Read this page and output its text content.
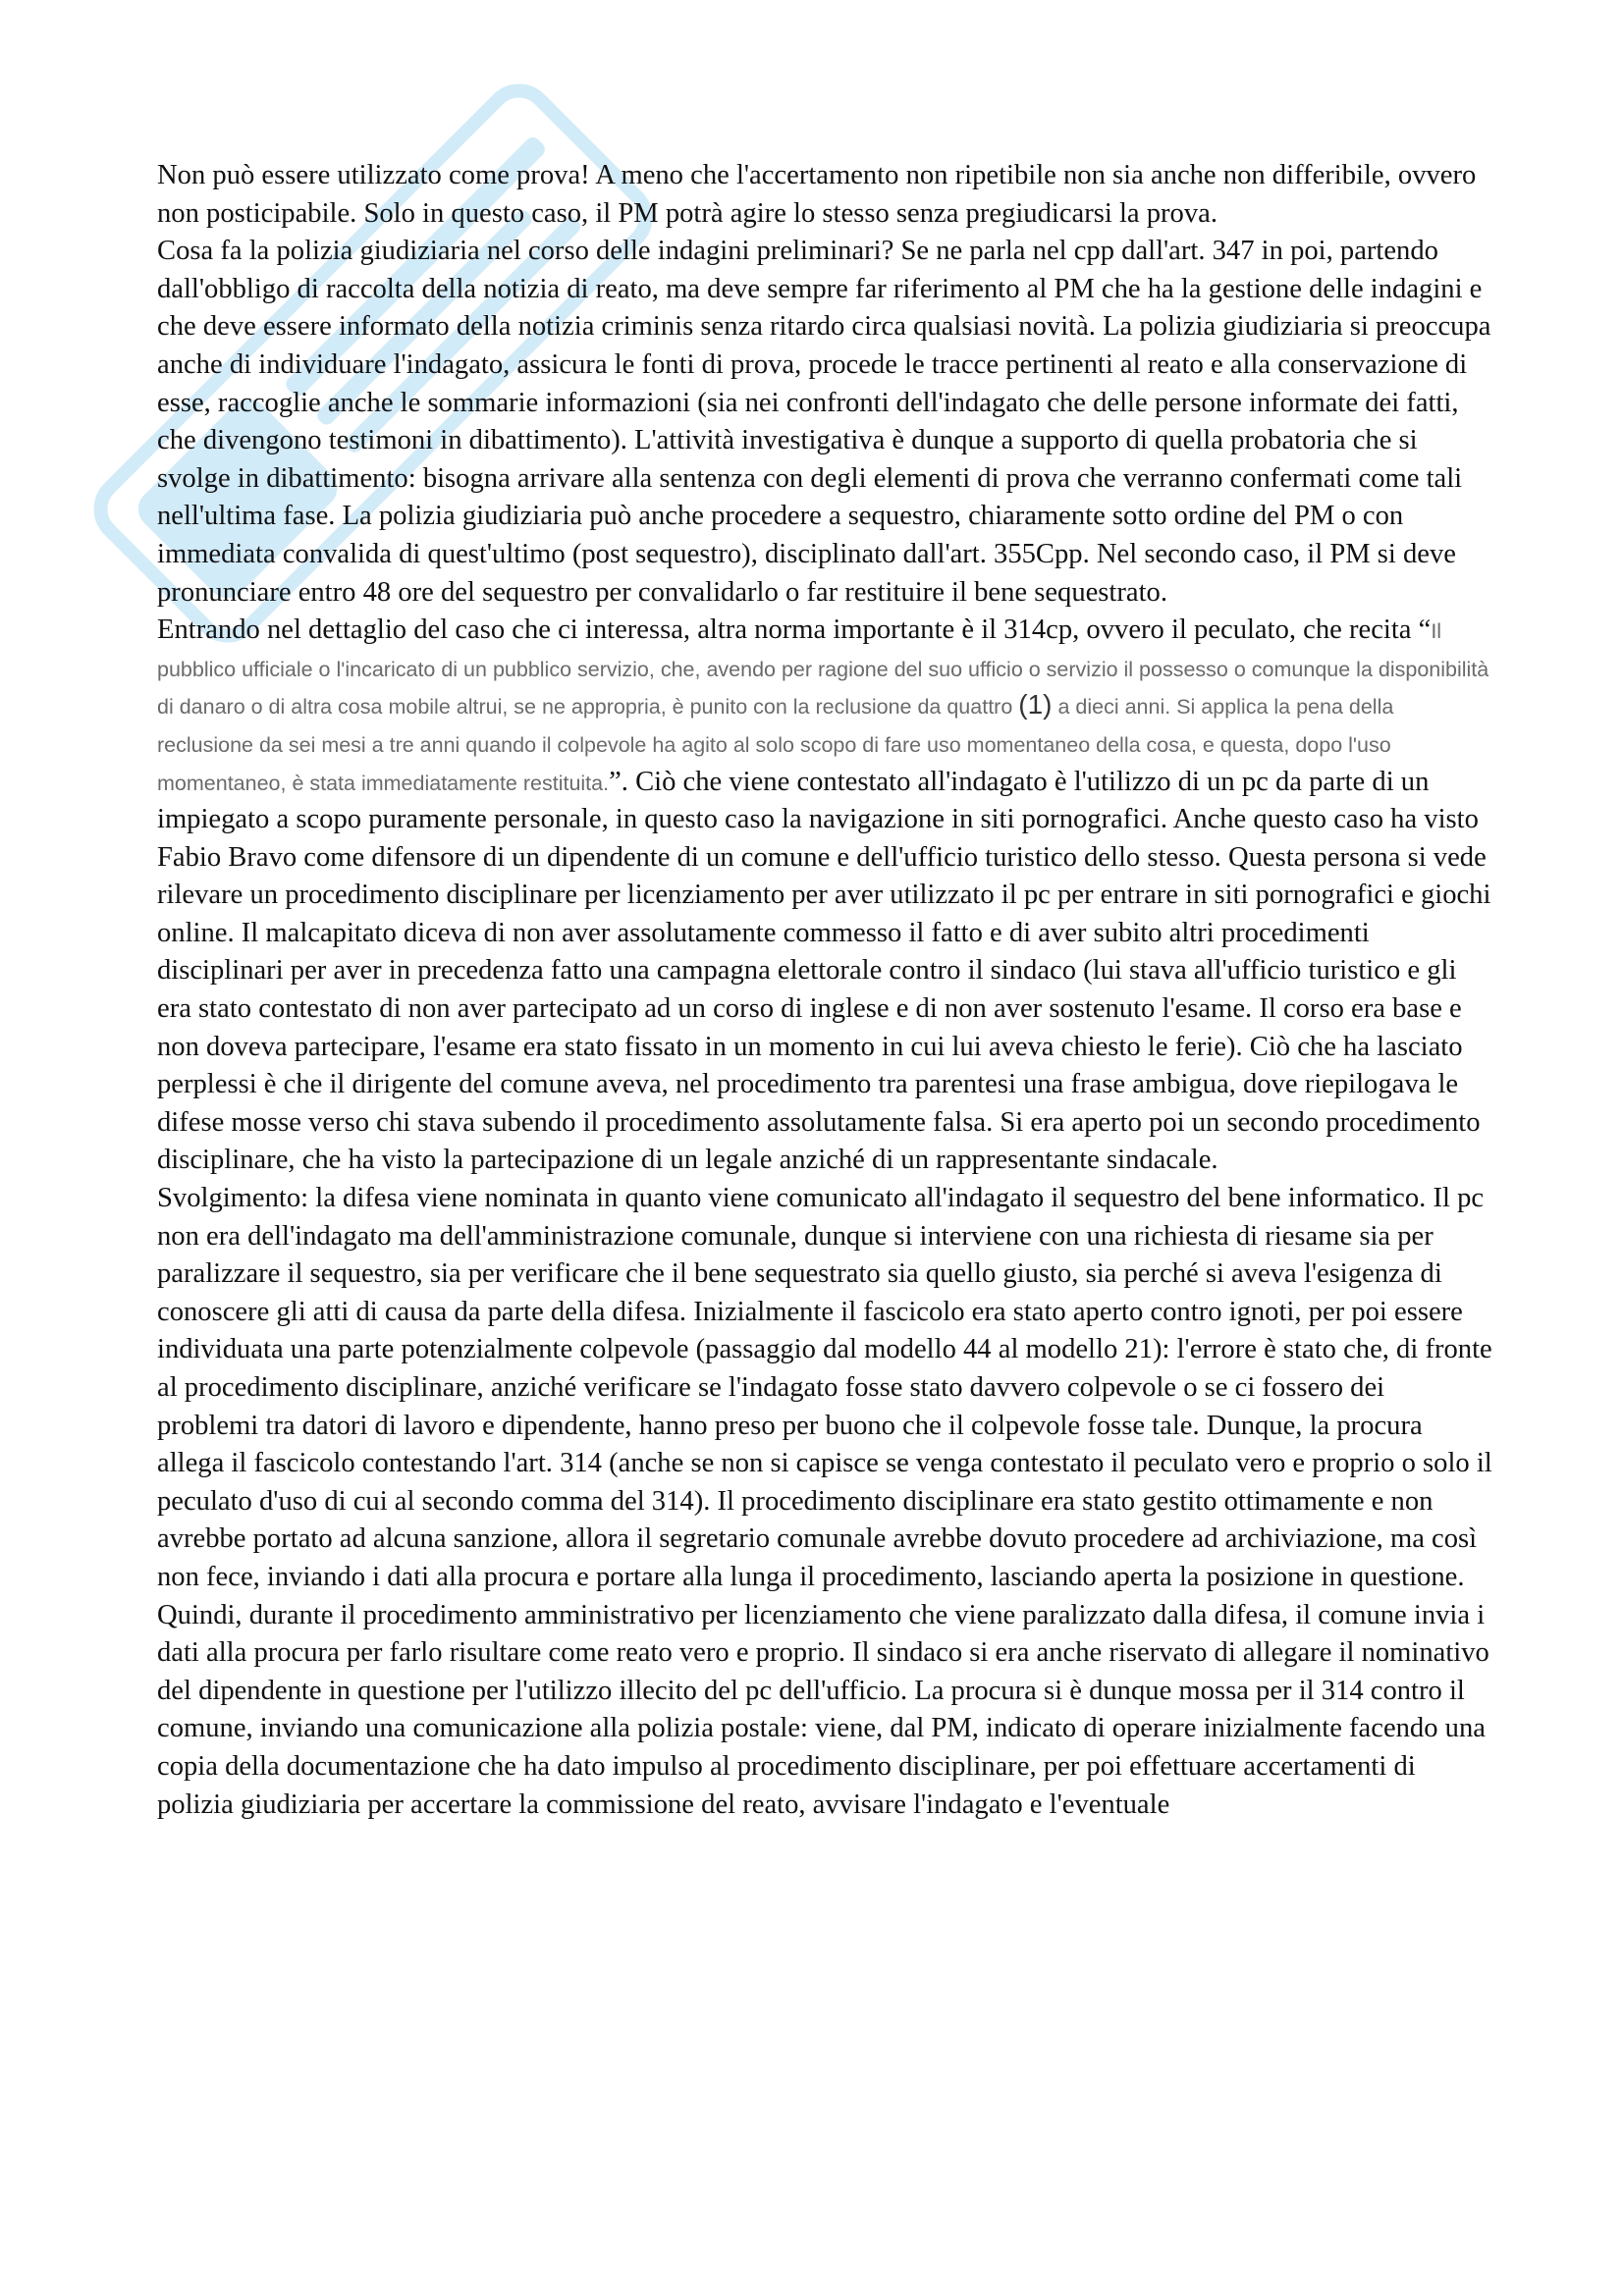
Non può essere utilizzato come prova! A meno che l'accertamento non ripetibile non sia anche non differibile, ovvero non posticipabile. Solo in questo caso, il PM potrà agire lo stesso senza pregiudicarsi la prova.

Cosa fa la polizia giudiziaria nel corso delle indagini preliminari? Se ne parla nel cpp dall'art. 347 in poi, partendo dall'obbligo di raccolta della notizia di reato, ma deve sempre far riferimento al PM che ha la gestione delle indagini e che deve essere informato della notizia criminis senza ritardo circa qualsiasi novità. La polizia giudiziaria si preoccupa anche di individuare l'indagato, assicura le fonti di prova, procede le tracce pertinenti al reato e alla conservazione di esse, raccoglie anche le sommarie informazioni (sia nei confronti dell'indagato che delle persone informate dei fatti, che divengono testimoni in dibattimento). L'attività investigativa è dunque a supporto di quella probatoria che si svolge in dibattimento: bisogna arrivare alla sentenza con degli elementi di prova che verranno confermati come tali nell'ultima fase. La polizia giudiziaria può anche procedere a sequestro, chiaramente sotto ordine del PM o con immediata convalida di quest'ultimo (post sequestro), disciplinato dall'art. 355Cpp. Nel secondo caso, il PM si deve pronunciare entro 48 ore del sequestro per convalidarlo o far restituire il bene sequestrato.

Entrando nel dettaglio del caso che ci interessa, altra norma importante è il 314cp, ovvero il peculato, che recita “Il pubblico ufficiale o l'incaricato di un pubblico servizio, che, avendo per ragione del suo ufficio o servizio il possesso o comunque la disponibilità di danaro o di altra cosa mobile altrui, se ne appropria, è punito con la reclusione da quattro (1) a dieci anni. Si applica la pena della reclusione da sei mesi a tre anni quando il colpevole ha agito al solo scopo di fare uso momentaneo della cosa, e questa, dopo l'uso momentaneo, è stata immediatamente restituita.”. Ciò che viene contestato all'indagato è l'utilizzo di un pc da parte di un impiegato a scopo puramente personale, in questo caso la navigazione in siti pornografici. Anche questo caso ha visto Fabio Bravo come difensore di un dipendente di un comune e dell'ufficio turistico dello stesso. Questa persona si vede rilevare un procedimento disciplinare per licenziamento per aver utilizzato il pc per entrare in siti pornografici e giochi online. Il malcapitato diceva di non aver assolutamente commesso il fatto e di aver subito altri procedimenti disciplinari per aver in precedenza fatto una campagna elettorale contro il sindaco (lui stava all'ufficio turistico e gli era stato contestato di non aver partecipato ad un corso di inglese e di non aver sostenuto l'esame. Il corso era base e non doveva partecipare, l'esame era stato fissato in un momento in cui lui aveva chiesto le ferie). Ciò che ha lasciato perplessi è che il dirigente del comune aveva, nel procedimento tra parentesi una frase ambigua, dove riepilogava le difese mosse verso chi stava subendo il procedimento assolutamente falsa. Si era aperto poi un secondo procedimento disciplinare, che ha visto la partecipazione di un legale anziché di un rappresentante sindacale.

Svolgimento: la difesa viene nominata in quanto viene comunicato all'indagato il sequestro del bene informatico. Il pc non era dell'indagato ma dell'amministrazione comunale, dunque si interviene con una richiesta di riesame sia per paralizzare il sequestro, sia per verificare che il bene sequestrato sia quello giusto, sia perché si aveva l'esigenza di conoscere gli atti di causa da parte della difesa. Inizialmente il fascicolo era stato aperto contro ignoti, per poi essere individuata una parte potenzialmente colpevole (passaggio dal modello 44 al modello 21): l'errore è stato che, di fronte al procedimento disciplinare, anziché verificare se l'indagato fosse stato davvero colpevole o se ci fossero dei problemi tra datori di lavoro e dipendente, hanno preso per buono che il colpevole fosse tale. Dunque, la procura allega il fascicolo contestando l'art. 314 (anche se non si capisce se venga contestato il peculato vero e proprio o solo il peculato d'uso di cui al secondo comma del 314). Il procedimento disciplinare era stato gestito ottimamente e non avrebbe portato ad alcuna sanzione, allora il segretario comunale avrebbe dovuto procedere ad archiviazione, ma così non fece, inviando i dati alla procura e portare alla lunga il procedimento, lasciando aperta la posizione in questione. Quindi, durante il procedimento amministrativo per licenziamento che viene paralizzato dalla difesa, il comune invia i dati alla procura per farlo risultare come reato vero e proprio. Il sindaco si era anche riservato di allegare il nominativo del dipendente in questione per l'utilizzo illecito del pc dell'ufficio. La procura si è dunque mossa per il 314 contro il comune, inviando una comunicazione alla polizia postale: viene, dal PM, indicato di operare inizialmente facendo una copia della documentazione che ha dato impulso al procedimento disciplinare, per poi effettuare accertamenti di polizia giudiziaria per accertare la commissione del reato, avvisare l'indagato e l'eventuale
